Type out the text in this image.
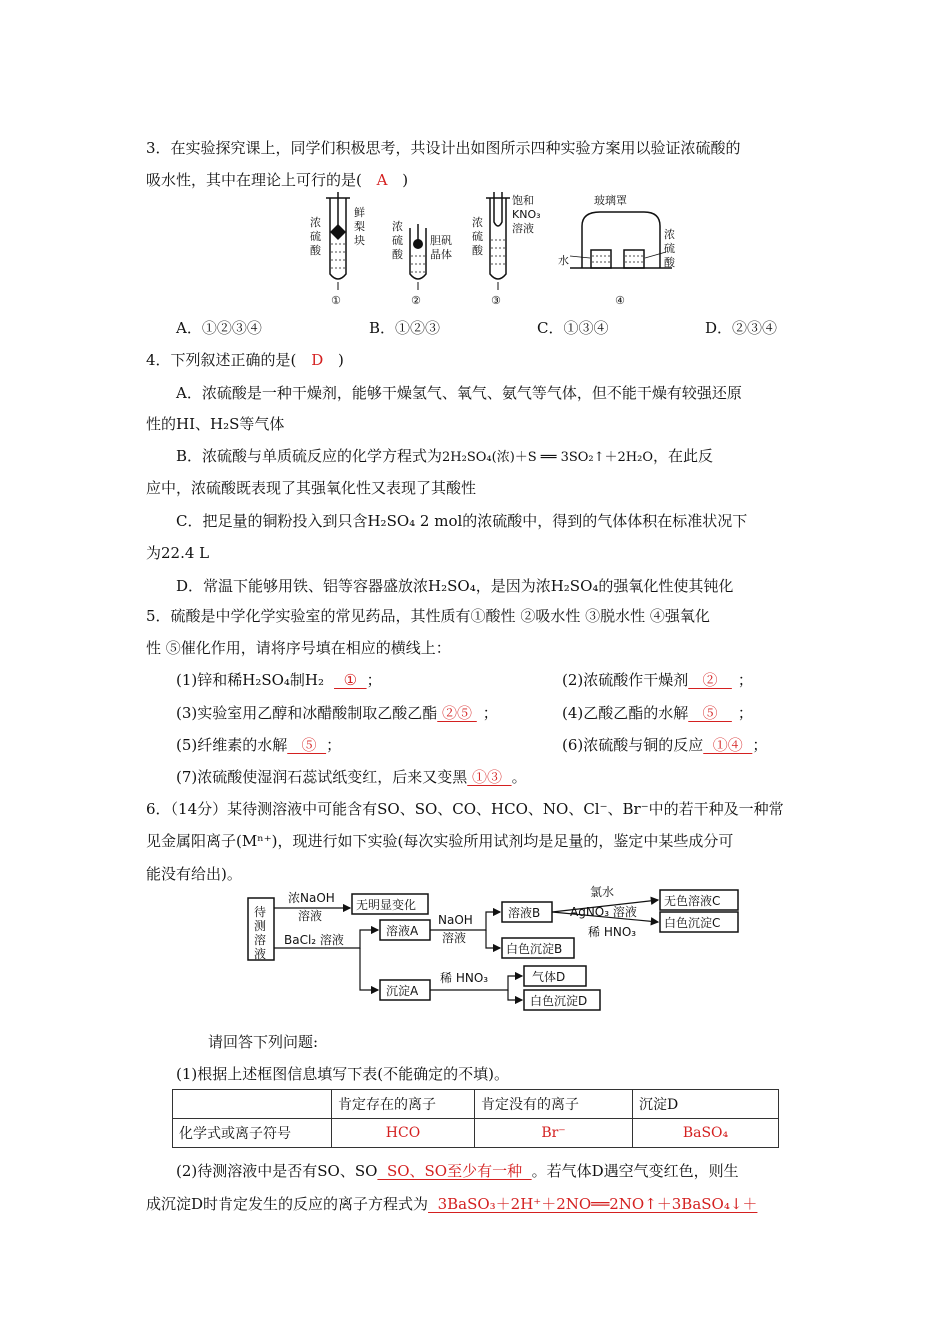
3．在实验探究课上，同学们积极思考，共设计出如图所示四种实验方案用以验证浓硫酸的
吸水性，其中在理论上可行的是( A )
浓
硫
酸
鲜
梨
块
浓
硫
酸
胆矾
晶体
浓
硫
酸
饱和
KNO₃
溶液
玻璃罩
水
浓
硫
酸
①	②	③	④
A．①②③④	B．①②③	C．①③④	D．②③④
4．下列叙述正确的是( D )
A．浓硫酸是一种干燥剂，能够干燥氢气、氧气、氨气等气体，但不能干燥有较强还原
性的HI、H₂S等气体
B．浓硫酸与单质硫反应的化学方程式为2H₂SO₄(浓)＋S ══ 3SO₂↑＋2H₂O，在此反
应中，浓硫酸既表现了其强氧化性又表现了其酸性
C．把足量的铜粉投入到只含H₂SO₄ 2 mol的浓硫酸中，得到的气体体积在标准状况下
为22.4 L
D．常温下能够用铁、铝等容器盛放浓H₂SO₄，是因为浓H₂SO₄的强氧化性使其钝化
5．硫酸是中学化学实验室的常见药品，其性质有①酸性 ②吸水性 ③脱水性 ④强氧化
性 ⑤催化作用，请将序号填在相应的横线上：
(1)锌和稀H₂SO₄制H₂  ①  ；	(2)浓硫酸作干燥剂   ②   ；
(3)实验室用乙醇和冰醋酸制取乙酸乙酯 ②⑤ ；	(4)乙酸乙酯的水解   ⑤   ；
(5)纤维素的水解   ⑤  ；	(6)浓硫酸与铜的反应  ①④  ；
(7)浓硫酸使湿润石蕊试纸变红，后来又变黑 ①③  。
6．（14分）某待测溶液中可能含有SO、SO、CO、HCO、NO、Cl⁻、Br⁻中的若干种及一种常
见金属阳离子(Mⁿ⁺)，现进行如下实验(每次实验所用试剂均是足量的，鉴定中某些成分可
能没有给出)。
待
测
溶
液
浓NaOH
溶液
无明显变化
BaCl₂ 溶液
溶液A
NaOH
溶液
溶液B
白色沉淀B
氯水
AgNO₃ 溶液
稀 HNO₃
无色溶液C
白色沉淀C
沉淀A
稀 HNO₃	气体D
白色沉淀D
请回答下列问题:
(1)根据上述框图信息填写下表(不能确定的不填)。
	肯定存在的离子	肯定没有的离子	沉淀D
化学式或离子符号	HCO	Br⁻	BaSO₄
(2)待测溶液中是否有SO、SO  SO、SO至少有一种  。若气体D遇空气变红色，则生
成沉淀D时肯定发生的反应的离子方程式为  3BaSO₃＋2H⁺＋2NO══2NO↑＋3BaSO₄↓＋
